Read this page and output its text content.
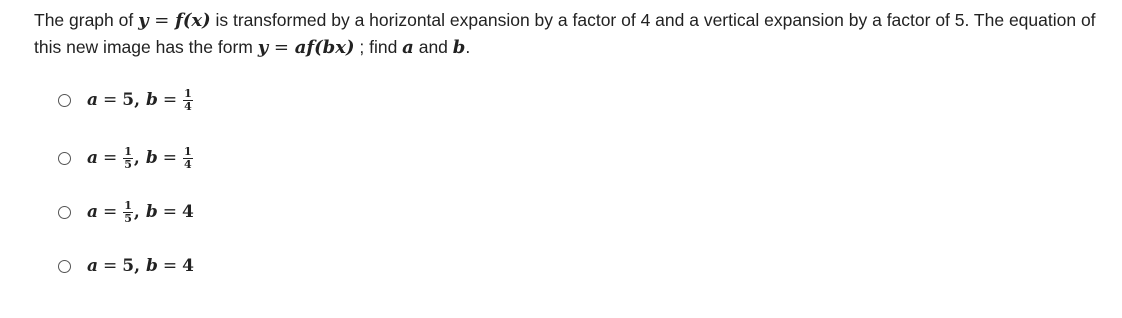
The graph of y = f(x) is transformed by a horizontal expansion by a factor of 4 and a vertical expansion by a factor of 5. The equation of this new image has the form y = af(bx) ; find a and b.
a = 5 , $b = \frac{1}{4}$
$a = \frac{1}{5}$ , $b = \frac{1}{4}$
$a = \frac{1}{5}$ , b = 4
a = 5 , b = 4
